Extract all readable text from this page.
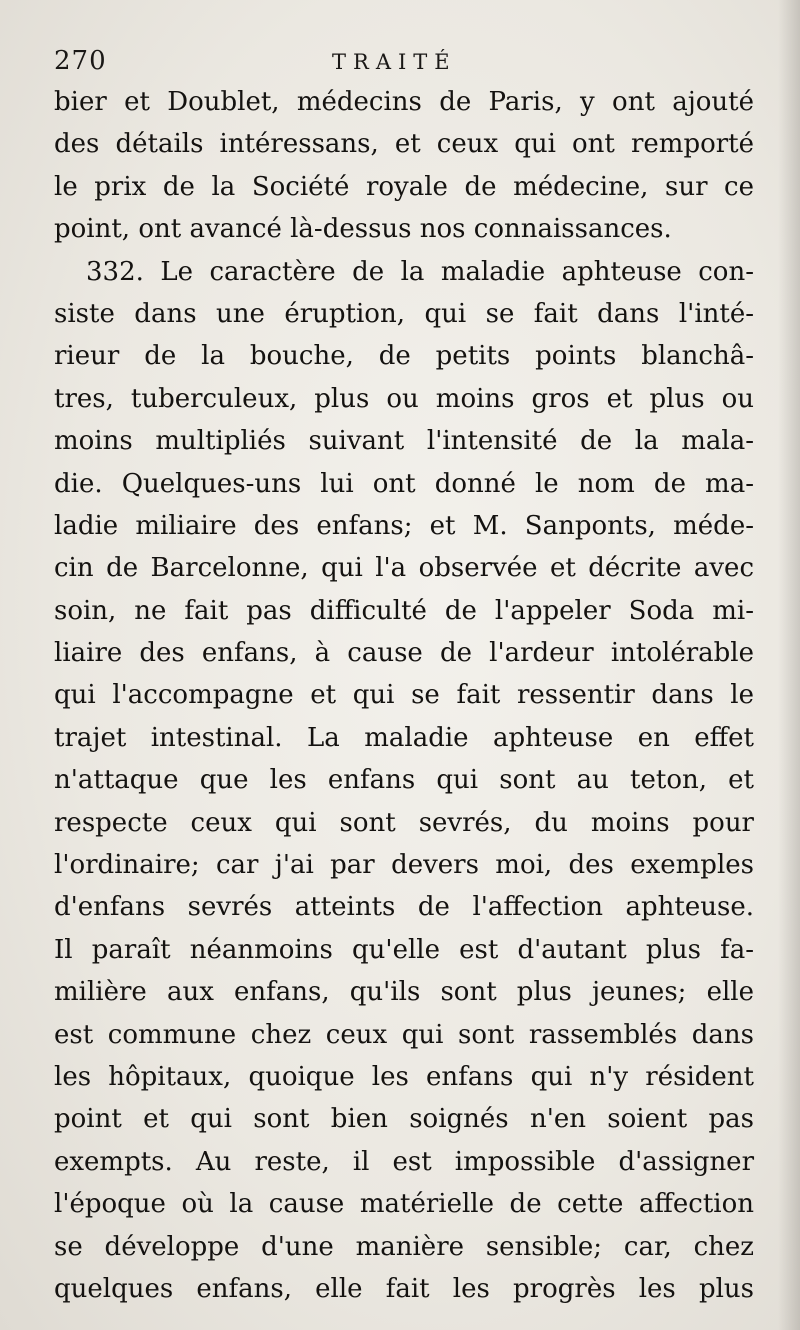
270	TRAITÉ
bier et Doublet, médecins de Paris, y ont ajouté
des détails intéressans, et ceux qui ont remporté
le prix de la Société royale de médecine, sur ce
point, ont avancé là-dessus nos connaissances.
332. Le caractère de la maladie aphteuse con-
siste dans une éruption, qui se fait dans l'inté-
rieur de la bouche, de petits points blanchâ-
tres, tuberculeux, plus ou moins gros et plus ou
moins multipliés suivant l'intensité de la mala-
die. Quelques-uns lui ont donné le nom de ma-
ladie miliaire des enfans; et M. Sanponts, méde-
cin de Barcelonne, qui l'a observée et décrite avec
soin, ne fait pas difficulté de l'appeler Soda mi-
liaire des enfans, à cause de l'ardeur intolérable
qui l'accompagne et qui se fait ressentir dans le
trajet intestinal. La maladie aphteuse en effet
n'attaque que les enfans qui sont au teton, et
respecte ceux qui sont sevrés, du moins pour
l'ordinaire; car j'ai par devers moi, des exemples
d'enfans sevrés atteints de l'affection aphteuse.
Il paraît néanmoins qu'elle est d'autant plus fa-
milière aux enfans, qu'ils sont plus jeunes; elle
est commune chez ceux qui sont rassemblés dans
les hôpitaux, quoique les enfans qui n'y résident
point et qui sont bien soignés n'en soient pas
exempts. Au reste, il est impossible d'assigner
l'époque où la cause matérielle de cette affection
se développe d'une manière sensible; car, chez
quelques enfans, elle fait les progrès les plus
